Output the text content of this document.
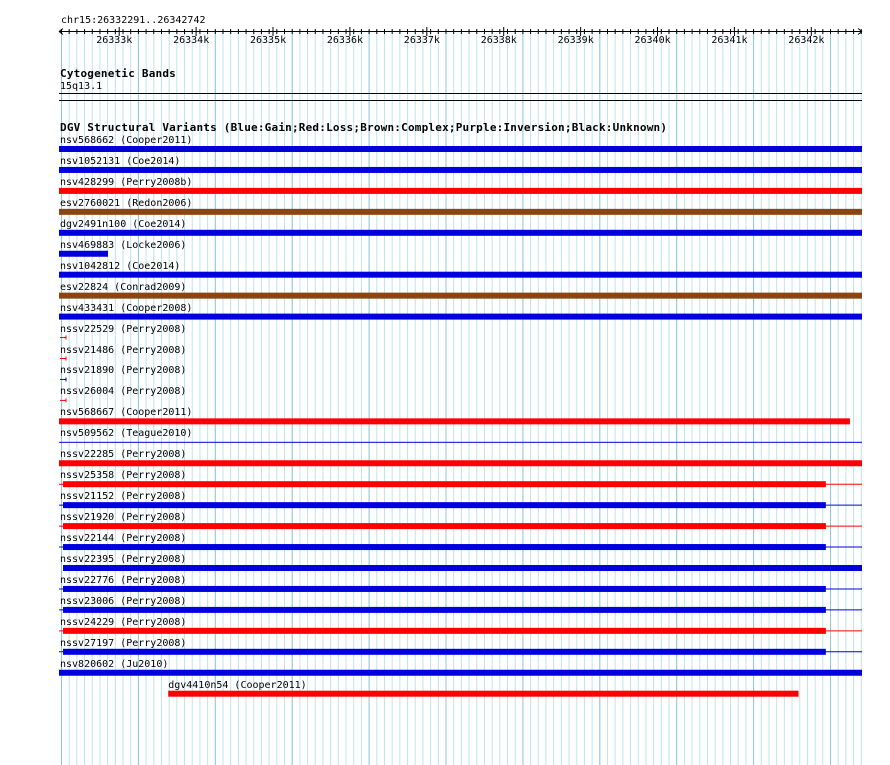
chr15:26332291..26342742
Cytogenetic Bands
15q13.1
DGV Structural Variants (Blue:Gain;Red:Loss;Brown:Complex;Purple:Inversion;Black:Unknown)
26333k	26334k	26335k	26336k	26337k	26338k	26339k	26340k	26341k	26342k
nsv568662 (Cooper2011)
nsv1052131 (Coe2014)
nsv428299 (Perry2008b)
esv2760021 (Redon2006)
dgv2491n100 (Coe2014)
nsv469883 (Locke2006)
nsv1042812 (Coe2014)
esv22824 (Conrad2009)
nsv433431 (Cooper2008)
nssv22529 (Perry2008)
nssv21486 (Perry2008)
nssv21890 (Perry2008)
nssv26004 (Perry2008)
nsv568667 (Cooper2011)
nsv509562 (Teague2010)
nssv22285 (Perry2008)
nssv25358 (Perry2008)
nssv21152 (Perry2008)
nssv21920 (Perry2008)
nssv22144 (Perry2008)
nssv22395 (Perry2008)
nssv22776 (Perry2008)
nssv23006 (Perry2008)
nssv24229 (Perry2008)
nssv27197 (Perry2008)
nsv820602 (Ju2010)
dgv4410n54 (Cooper2011)
